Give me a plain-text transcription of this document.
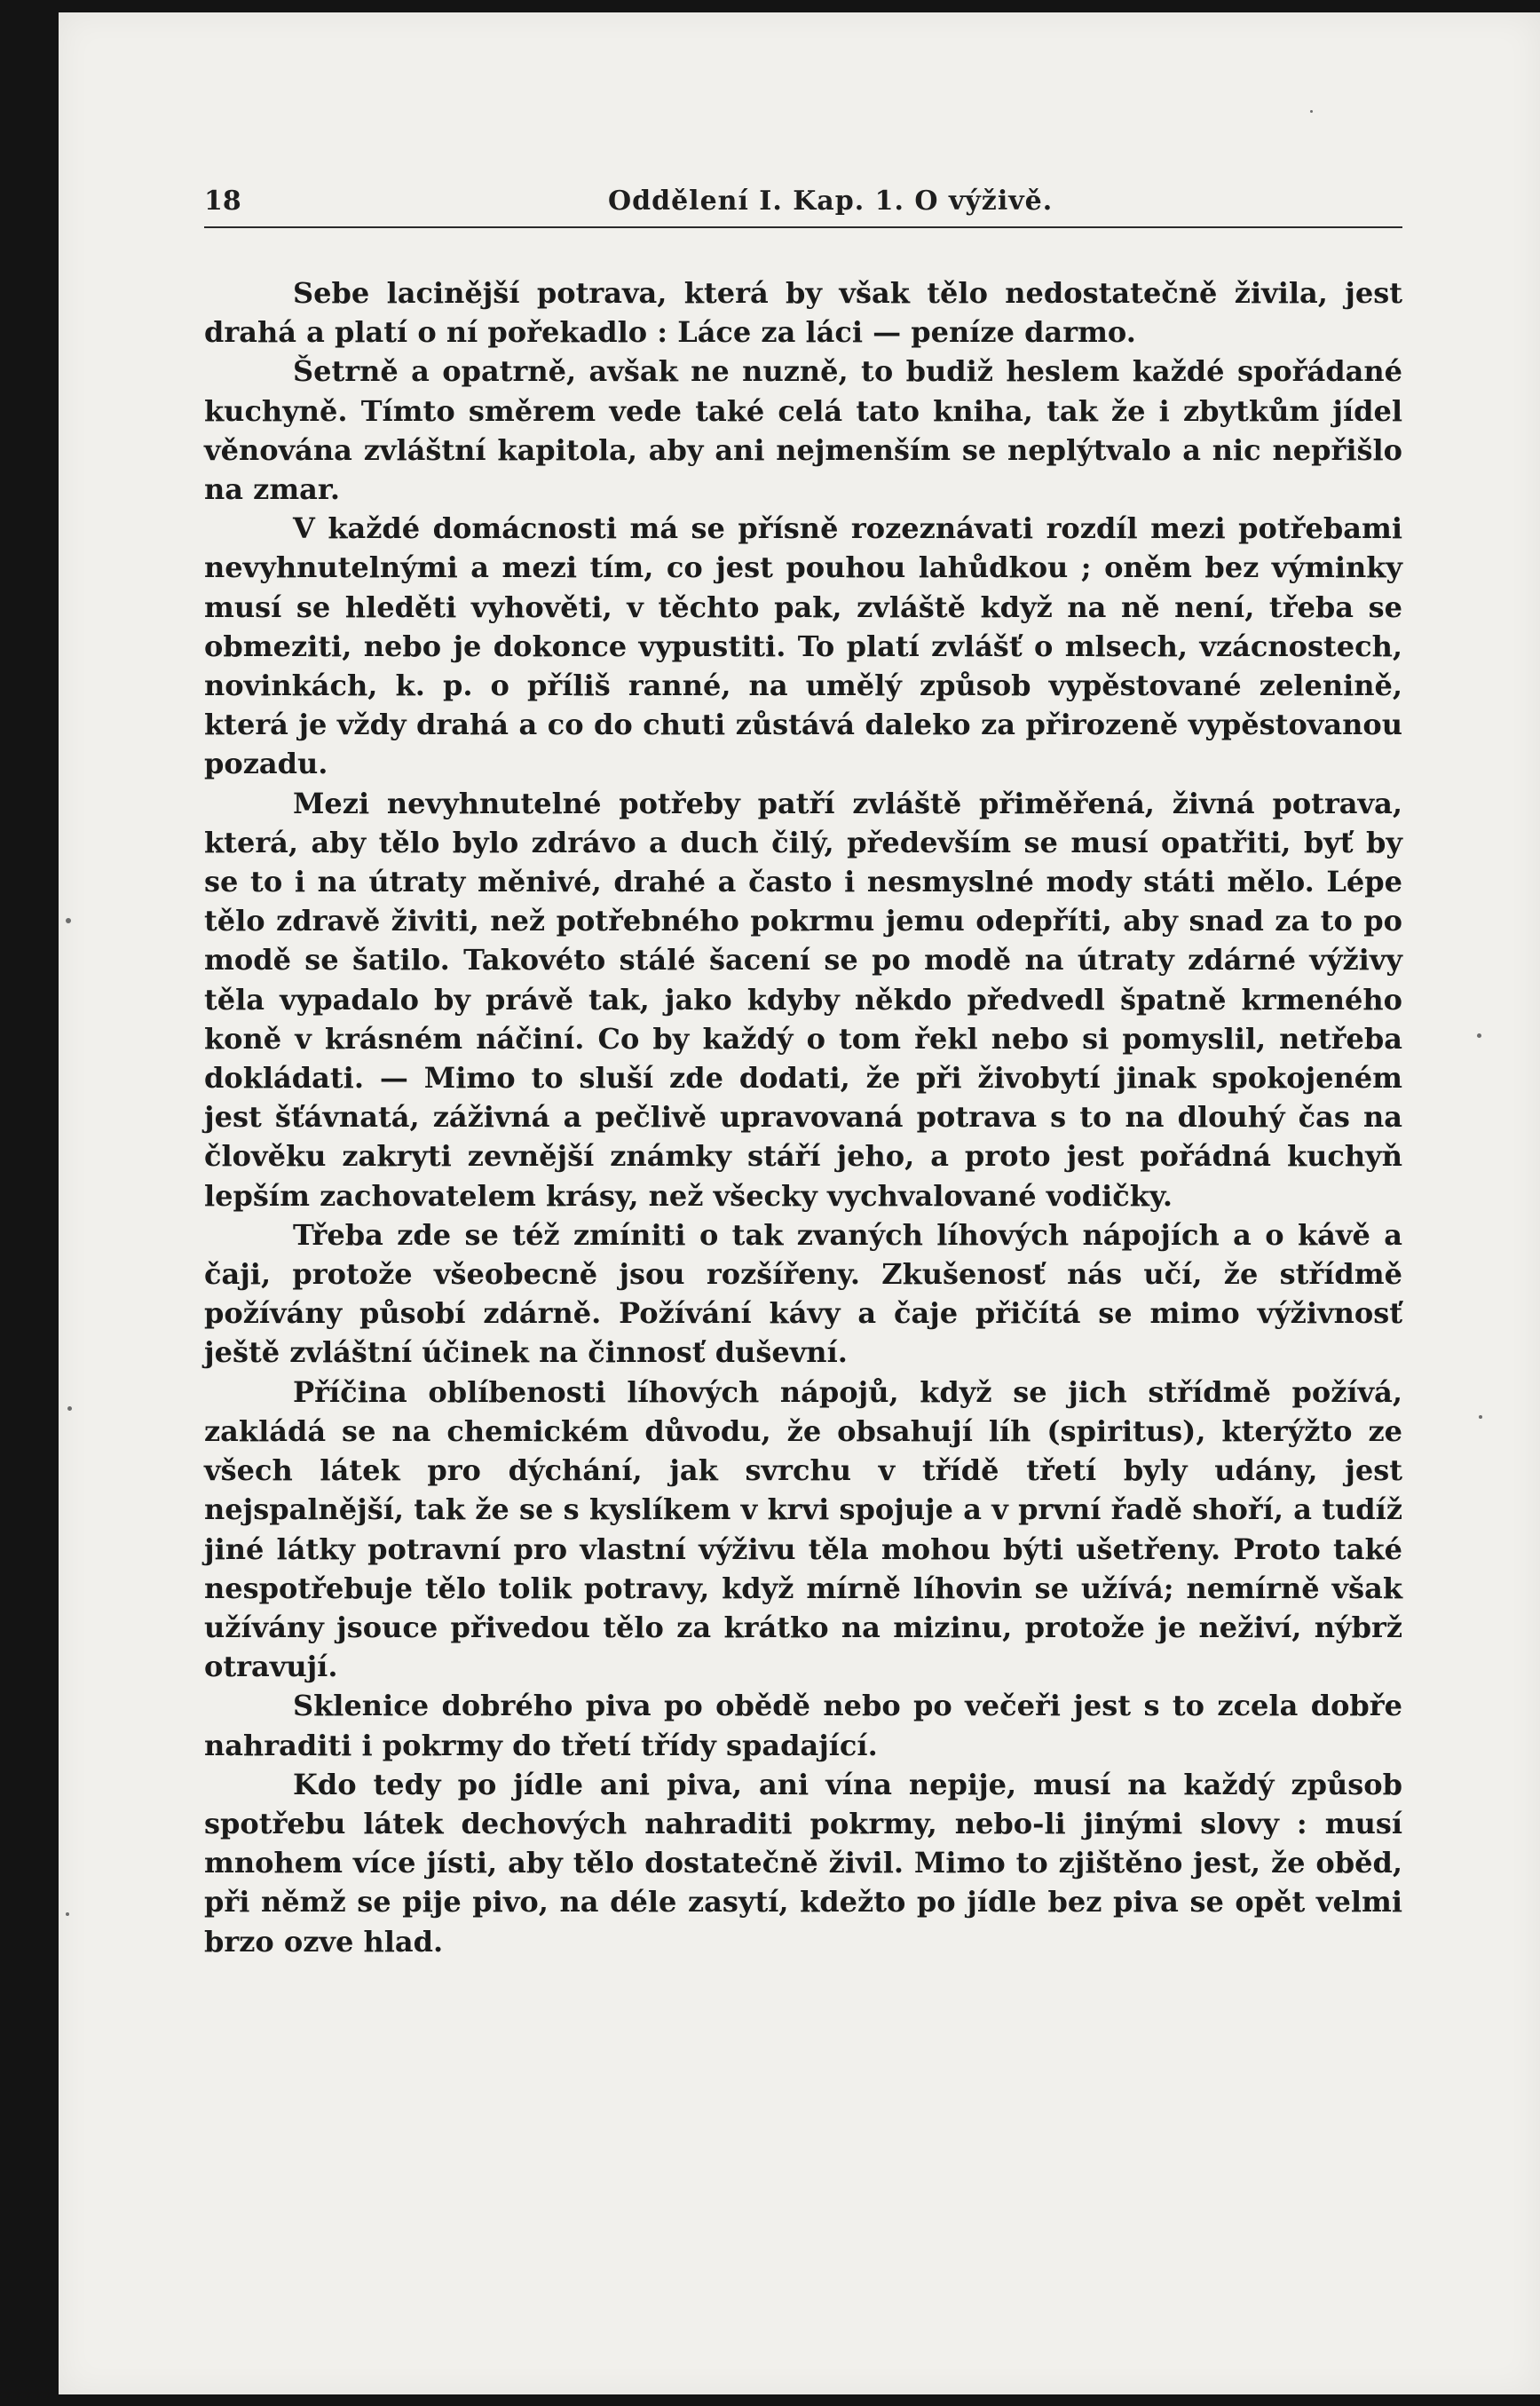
18	Oddělení I. Kap. 1. O výživě.

Sebe lacinější potrava, která by však tělo nedostatečně živila, jest drahá a platí o ní pořekadlo : Láce za láci — peníze darmo.

Šetrně a opatrně, avšak ne nuzně, to budiž heslem každé spořádané kuchyně. Tímto směrem vede také celá tato kniha, tak že i zbytkům jídel věnována zvláštní kapitola, aby ani nejmenším se neplýtvalo a nic nepřišlo na zmar.

V každé domácnosti má se přísně rozeznávati rozdíl mezi potřebami nevyhnutelnými a mezi tím, co jest pouhou lahůdkou ; oněm bez výminky musí se hleděti vyhověti, v těchto pak, zvláště když na ně není, třeba se obmeziti, nebo je dokonce vypustiti. To platí zvlášť o mlsech, vzácnostech, novinkách, k. p. o příliš ranné, na umělý způsob vypěstované zelenině, která je vždy drahá a co do chuti zůstává daleko za přirozeně vypěstovanou pozadu.

Mezi nevyhnutelné potřeby patří zvláště přiměřená, živná potrava, která, aby tělo bylo zdrávo a duch čilý, především se musí opatřiti, byť by se to i na útraty měnivé, drahé a často i nesmyslné mody státi mělo. Lépe tělo zdravě živiti, než potřebného pokrmu jemu odepříti, aby snad za to po modě se šatilo. Takovéto stálé šacení se po modě na útraty zdárné výživy těla vypadalo by právě tak, jako kdyby někdo předvedl špatně krmeného koně v krásném náčiní. Co by každý o tom řekl nebo si pomyslil, netřeba dokládati. — Mimo to sluší zde dodati, že při živobytí jinak spokojeném jest šťávnatá, záživná a pečlivě upravovaná potrava s to na dlouhý čas na člověku zakryti zevnější známky stáří jeho, a proto jest pořádná kuchyň lepším zachovatelem krásy, než všecky vychvalované vodičky.

Třeba zde se též zmíniti o tak zvaných líhových nápojích a o kávě a čaji, protože všeobecně jsou rozšířeny. Zkušenosť nás učí, že střídmě požívány působí zdárně. Požívání kávy a čaje přičítá se mimo výživnosť ještě zvláštní účinek na činnosť duševní.

Příčina oblíbenosti líhových nápojů, když se jich střídmě požívá, zakládá se na chemickém důvodu, že obsahují líh (spiritus), kterýžto ze všech látek pro dýchání, jak svrchu v třídě třetí byly udány, jest nejspalnější, tak že se s kyslíkem v krvi spojuje a v první řadě shoří, a tudíž jiné látky potravní pro vlastní výživu těla mohou býti ušetřeny. Proto také nespotřebuje tělo tolik potravy, když mírně líhovin se užívá; nemírně však užívány jsouce přivedou tělo za krátko na mizinu, protože je neživí, nýbrž otravují.

Sklenice dobrého piva po obědě nebo po večeři jest s to zcela dobře nahraditi i pokrmy do třetí třídy spadající.

Kdo tedy po jídle ani piva, ani vína nepije, musí na každý způsob spotřebu látek dechových nahraditi pokrmy, nebo-li jinými slovy : musí mnohem více jísti, aby tělo dostatečně živil. Mimo to zjištěno jest, že oběd, při němž se pije pivo, na déle zasytí, kdežto po jídle bez piva se opět velmi brzo ozve hlad.
